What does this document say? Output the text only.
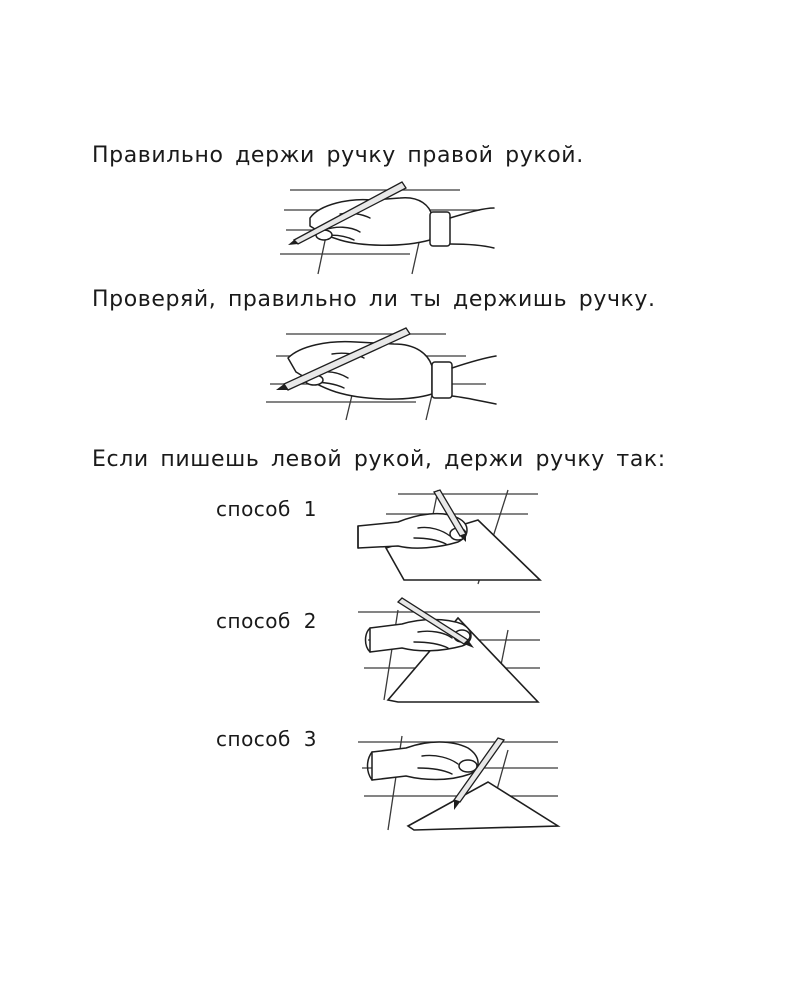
Правильно держи ручку правой рукой.
Проверяй, правильно ли ты держишь ручку.
Если пишешь левой рукой, держи ручку так:
способ 1
способ 2
способ 3
